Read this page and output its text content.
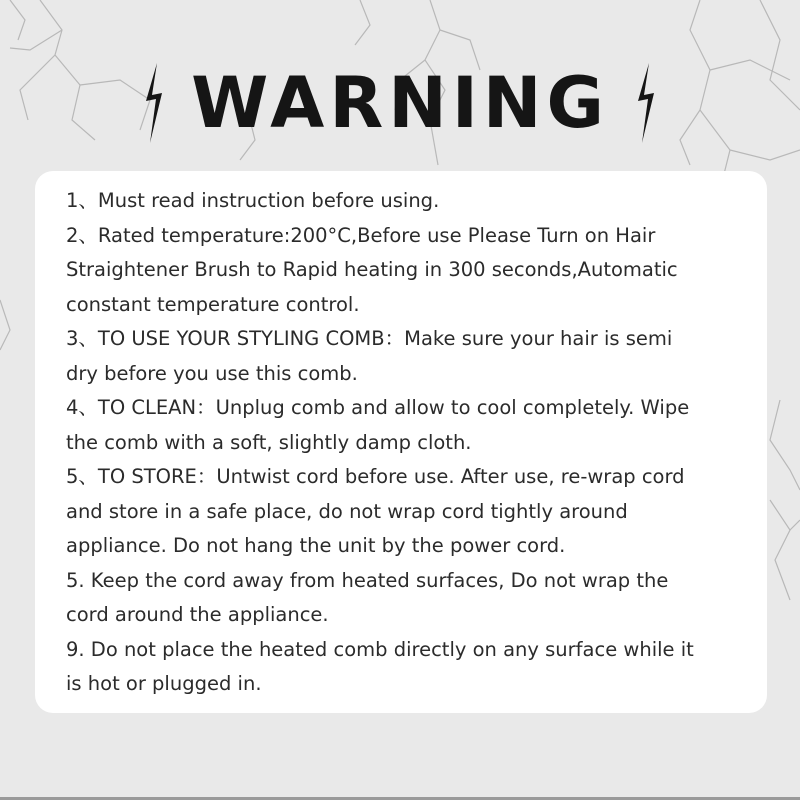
WARNING
1、Must read instruction before using.
2、Rated temperature:200°C,Before use Please Turn on Hair
Straightener Brush to Rapid heating in 300 seconds,Automatic
constant temperature control.
3、TO USE YOUR STYLING COMB：Make sure your hair is semi
dry before you use this comb.
4、TO CLEAN：Unplug comb and allow to cool completely. Wipe
the comb with a soft, slightly damp cloth.
5、TO STORE：Untwist cord before use. After use, re-wrap cord
and store in a safe place, do not wrap cord tightly around
appliance. Do not hang the unit by the power cord.
5. Keep the cord away from heated surfaces, Do not wrap the
cord around the appliance.
9. Do not place the heated comb directly on any surface while it
is hot or plugged in.
